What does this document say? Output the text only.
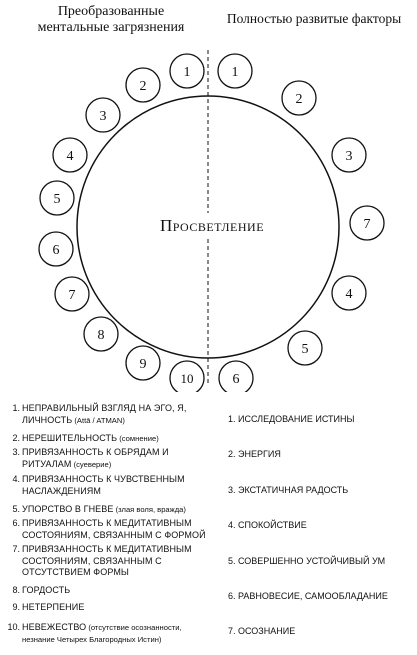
Преобразованные
ментальные загрязнения
Полностью развитые факторы
Просветление
1
2
3
4
5
6
7
8
9
10
1
2
3
7
4
5
6
1. НЕПРАВИЛЬНЫЙ ВЗГЛЯД НА ЭГО, Я,
ЛИЧНОСТЬ (Attā / ATMAN)
2. НЕРЕШИТЕЛЬНОСТЬ (сомнение)
3. ПРИВЯЗАННОСТЬ К ОБРЯДАМ И
РИТУАЛАМ (суеверие)
4. ПРИВЯЗАННОСТЬ К ЧУВСТВЕННЫМ
НАСЛАЖДЕНИЯМ
5. УПОРСТВО В ГНЕВЕ (злая воля, вражда)
6. ПРИВЯЗАННОСТЬ К МЕДИТАТИВНЫМ
СОСТОЯНИЯМ, СВЯЗАННЫМ С ФОРМОЙ
7. ПРИВЯЗАННОСТЬ К МЕДИТАТИВНЫМ
СОСТОЯНИЯМ, СВЯЗАННЫМ С
ОТСУТСТВИЕМ ФОРМЫ
8. ГОРДОСТЬ
9. НЕТЕРПЕНИЕ
10. НЕВЕЖЕСТВО (отсутствие осознанности,
незнание Четырех Благородных Истин)
1. ИССЛЕДОВАНИЕ ИСТИНЫ
2. ЭНЕРГИЯ
3. ЭКСТАТИЧНАЯ РАДОСТЬ
4. СПОКОЙСТВИЕ
5. СОВЕРШЕННО УСТОЙЧИВЫЙ УМ
6. РАВНОВЕСИЕ, САМООБЛАДАНИЕ
7. ОСОЗНАНИЕ
